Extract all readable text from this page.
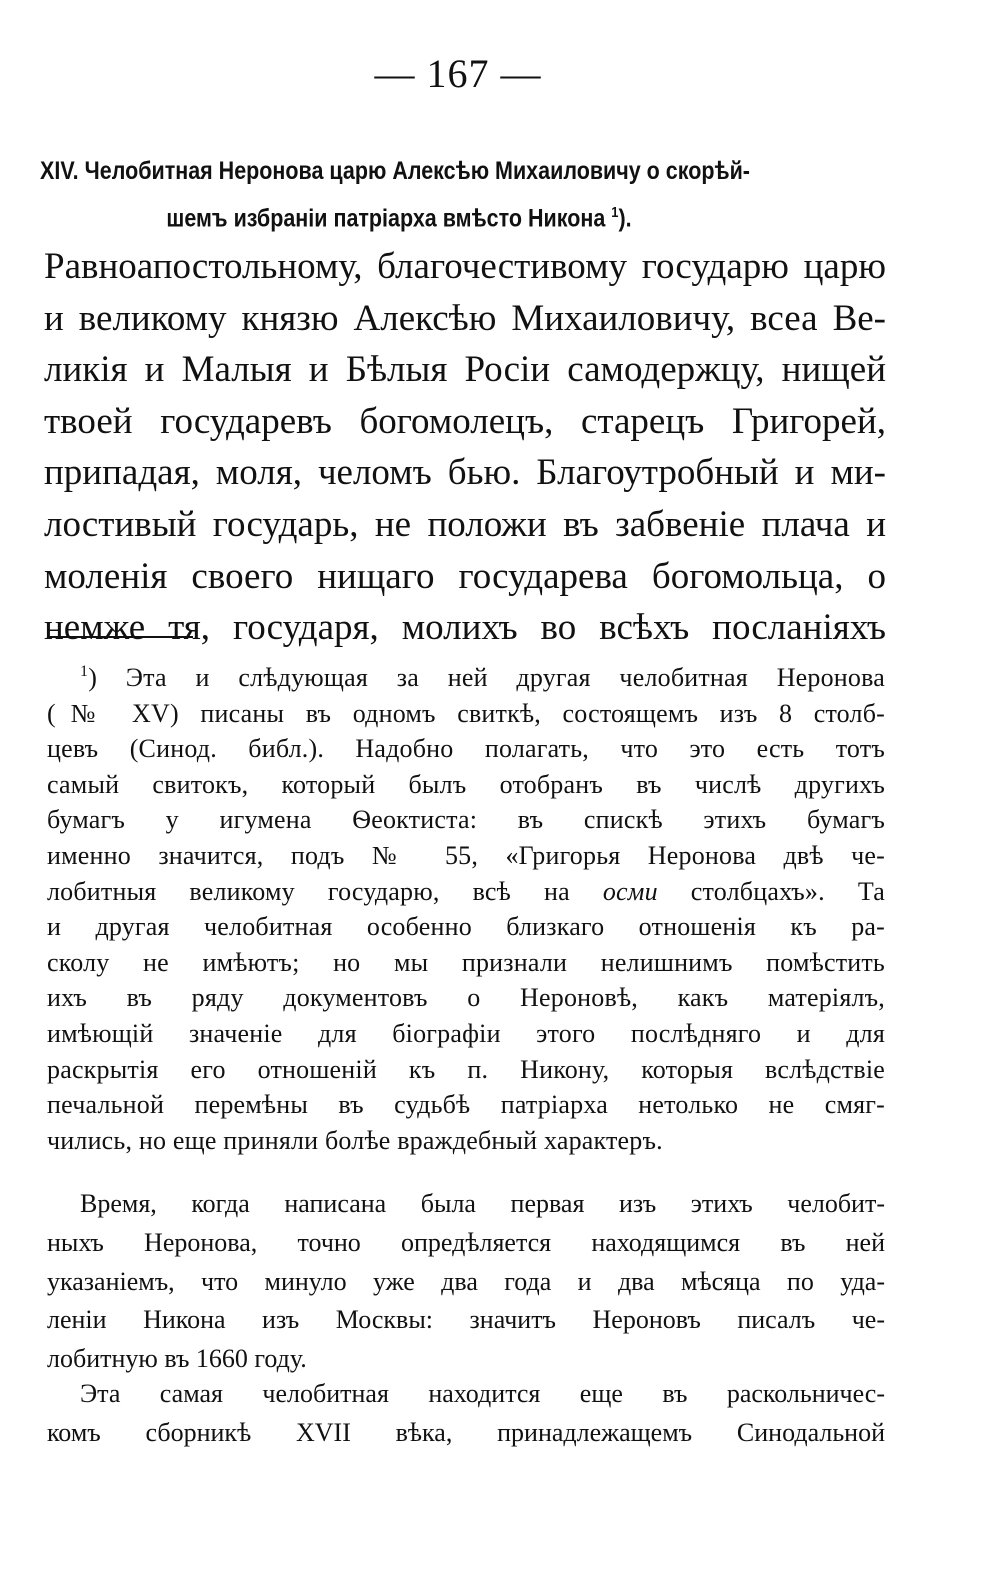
— 167 —
XIV. Челобитная Неронова царю Алексѣю Михаиловичу о скорѣй-
шемъ избраніи патріарха вмѣсто Никона $^1$).
Равноапостольному, благочестивому государю царю
и великому князю Алексѣю Михаиловичу, всеа Ве-
ликія и Малыя и Бѣлыя Росіи самодержцу, нищей
твоей государевъ богомолецъ, старецъ Григорей,
припадая, моля, челомъ бью. Благоутробный и ми-
лостивый государь, не положи въ забвеніе плача и
моленія своего нищаго государева богомольца, о
немже тя, государя, молихъ во всѣхъ посланіяхъ
$^1$) Эта и слѣдующая за ней другая челобитная Неронова
(№ XV) писаны въ одномъ свиткѣ, состоящемъ изъ 8 столб-
цевъ (Синод. библ.). Надобно полагать, что это есть тотъ
самый свитокъ, который былъ отобранъ въ числѣ другихъ
бумагъ у игумена Ѳеоктиста: въ спискѣ этихъ бумагъ
именно значится, подъ № 55, «Григорья Неронова двѣ че-
лобитныя великому государю, всѣ на осми столбцахъ». Та
и другая челобитная особенно близкаго отношенія къ ра-
сколу не имѣютъ; но мы признали нелишнимъ помѣстить
ихъ въ ряду документовъ о Нероновѣ, какъ матеріялъ,
имѣющій значеніе для біографіи этого послѣдняго и для
раскрытія его отношеній къ п. Никону, которыя вслѣдствіе
печальной перемѣны въ судьбѣ патріарха нетолько не смяг-
чились, но еще приняли болѣе враждебный характеръ.
Время, когда написана была первая изъ этихъ челобит-
ныхъ Неронова, точно опредѣляется находящимся въ ней
указаніемъ, что минуло уже два года и два мѣсяца по уда-
леніи Никона изъ Москвы: значитъ Нероновъ писалъ че-
лобитную въ 1660 году.
Эта самая челобитная находится еще въ раскольничес-
комъ сборникѣ XVII вѣка, принадлежащемъ Синодальной
